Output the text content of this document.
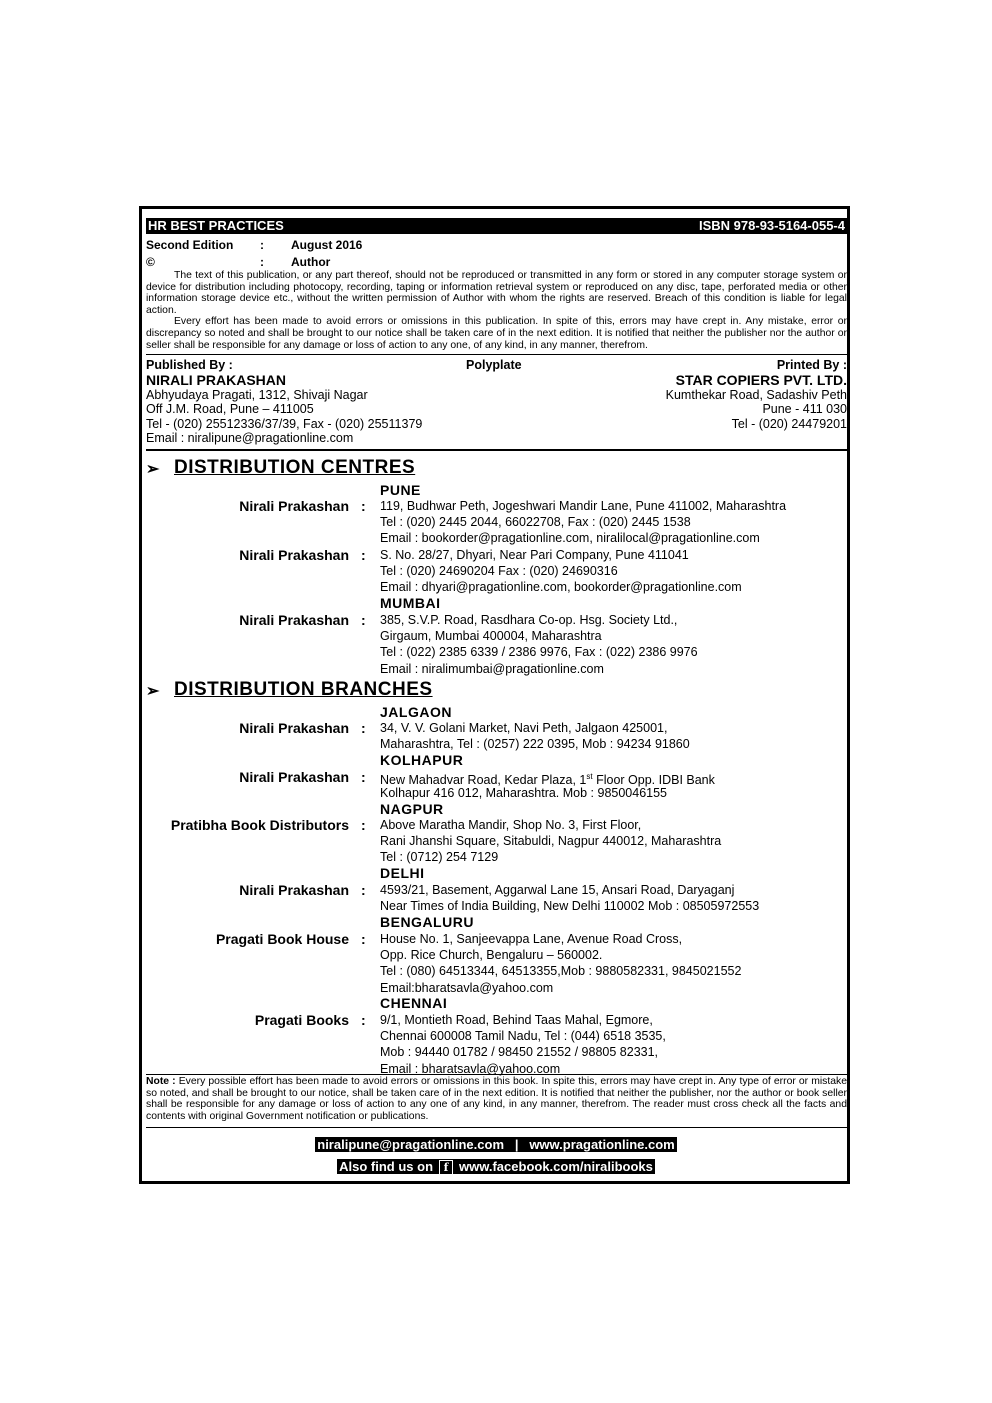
HR BEST PRACTICES	ISBN 978-93-5164-055-4
Second Edition : August 2016
©	: Author

The text of this publication, or any part thereof, should not be reproduced or transmitted in any form or stored in any computer storage system or device for distribution including photocopy, recording, taping or information retrieval system or reproduced on any disc, tape, perforated media or other information storage device etc., without the written permission of Author with whom the rights are reserved. Breach of this condition is liable for legal action.

Every effort has been made to avoid errors or omissions in this publication. In spite of this, errors may have crept in. Any mistake, error or discrepancy so noted and shall be brought to our notice shall be taken care of in the next edition. It is notified that neither the publisher nor the author or seller shall be responsible for any damage or loss of action to any one, of any kind, in any manner, therefrom.

Published By :
NIRALI PRAKASHAN
Abhyudaya Pragati, 1312, Shivaji Nagar
Off J.M. Road, Pune – 411005
Tel - (020) 25512336/37/39, Fax - (020) 25511379
Email : niralipune@pragationline.com
Polyplate	Printed By :
STAR COPIERS PVT. LTD.
Kumthekar Road, Sadashiv Peth
Pune - 411 030
Tel - (020) 24479201
➢ DISTRIBUTION CENTRES
PUNE
Nirali Prakashan : 119, Budhwar Peth, Jogeshwari Mandir Lane, Pune 411002, Maharashtra
Tel : (020) 2445 2044, 66022708, Fax : (020) 2445 1538
Email : bookorder@pragationline.com, niralilocal@pragationline.com
Nirali Prakashan : S. No. 28/27, Dhyari, Near Pari Company, Pune 411041
Tel : (020) 24690204 Fax : (020) 24690316
Email : dhyari@pragationline.com, bookorder@pragationline.com
MUMBAI
Nirali Prakashan : 385, S.V.P. Road, Rasdhara Co-op. Hsg. Society Ltd.,
Girgaum, Mumbai 400004, Maharashtra
Tel : (022) 2385 6339 / 2386 9976, Fax : (022) 2386 9976
Email : niralimumbai@pragationline.com
➢ DISTRIBUTION BRANCHES
JALGAON
Nirali Prakashan : 34, V. V. Golani Market, Navi Peth, Jalgaon 425001,
Maharashtra, Tel : (0257) 222 0395, Mob : 94234 91860
KOLHAPUR
Nirali Prakashan : New Mahadvar Road, Kedar Plaza, 1st Floor Opp. IDBI Bank
Kolhapur 416 012, Maharashtra. Mob : 9850046155
NAGPUR
Pratibha Book Distributors : Above Maratha Mandir, Shop No. 3, First Floor,
Rani Jhanshi Square, Sitabuldi, Nagpur 440012, Maharashtra
Tel : (0712) 254 7129
DELHI
Nirali Prakashan : 4593/21, Basement, Aggarwal Lane 15, Ansari Road, Daryaganj
Near Times of India Building, New Delhi 110002 Mob : 08505972553
BENGALURU
Pragati Book House : House No. 1, Sanjeevappa Lane, Avenue Road Cross,
Opp. Rice Church, Bengaluru – 560002.
Tel : (080) 64513344, 64513355,Mob : 9880582331, 9845021552
Email:bharatsavla@yahoo.com
CHENNAI
Pragati Books : 9/1, Montieth Road, Behind Taas Mahal, Egmore,
Chennai 600008 Tamil Nadu, Tel : (044) 6518 3535,
Mob : 94440 01782 / 98450 21552 / 98805 82331,
Email : bharatsavla@yahoo.com
Note : Every possible effort has been made to avoid errors or omissions in this book. In spite this, errors may have crept in. Any type of error or mistake so noted, and shall be brought to our notice, shall be taken care of in the next edition. It is notified that neither the publisher, nor the author or book seller shall be responsible for any damage or loss of action to any one of any kind, in any manner, therefrom. The reader must cross check all the facts and contents with original Government notification or publications.
niralipune@pragationline.com   |   www.pragationline.com
Also find us on f www.facebook.com/niralibooks
